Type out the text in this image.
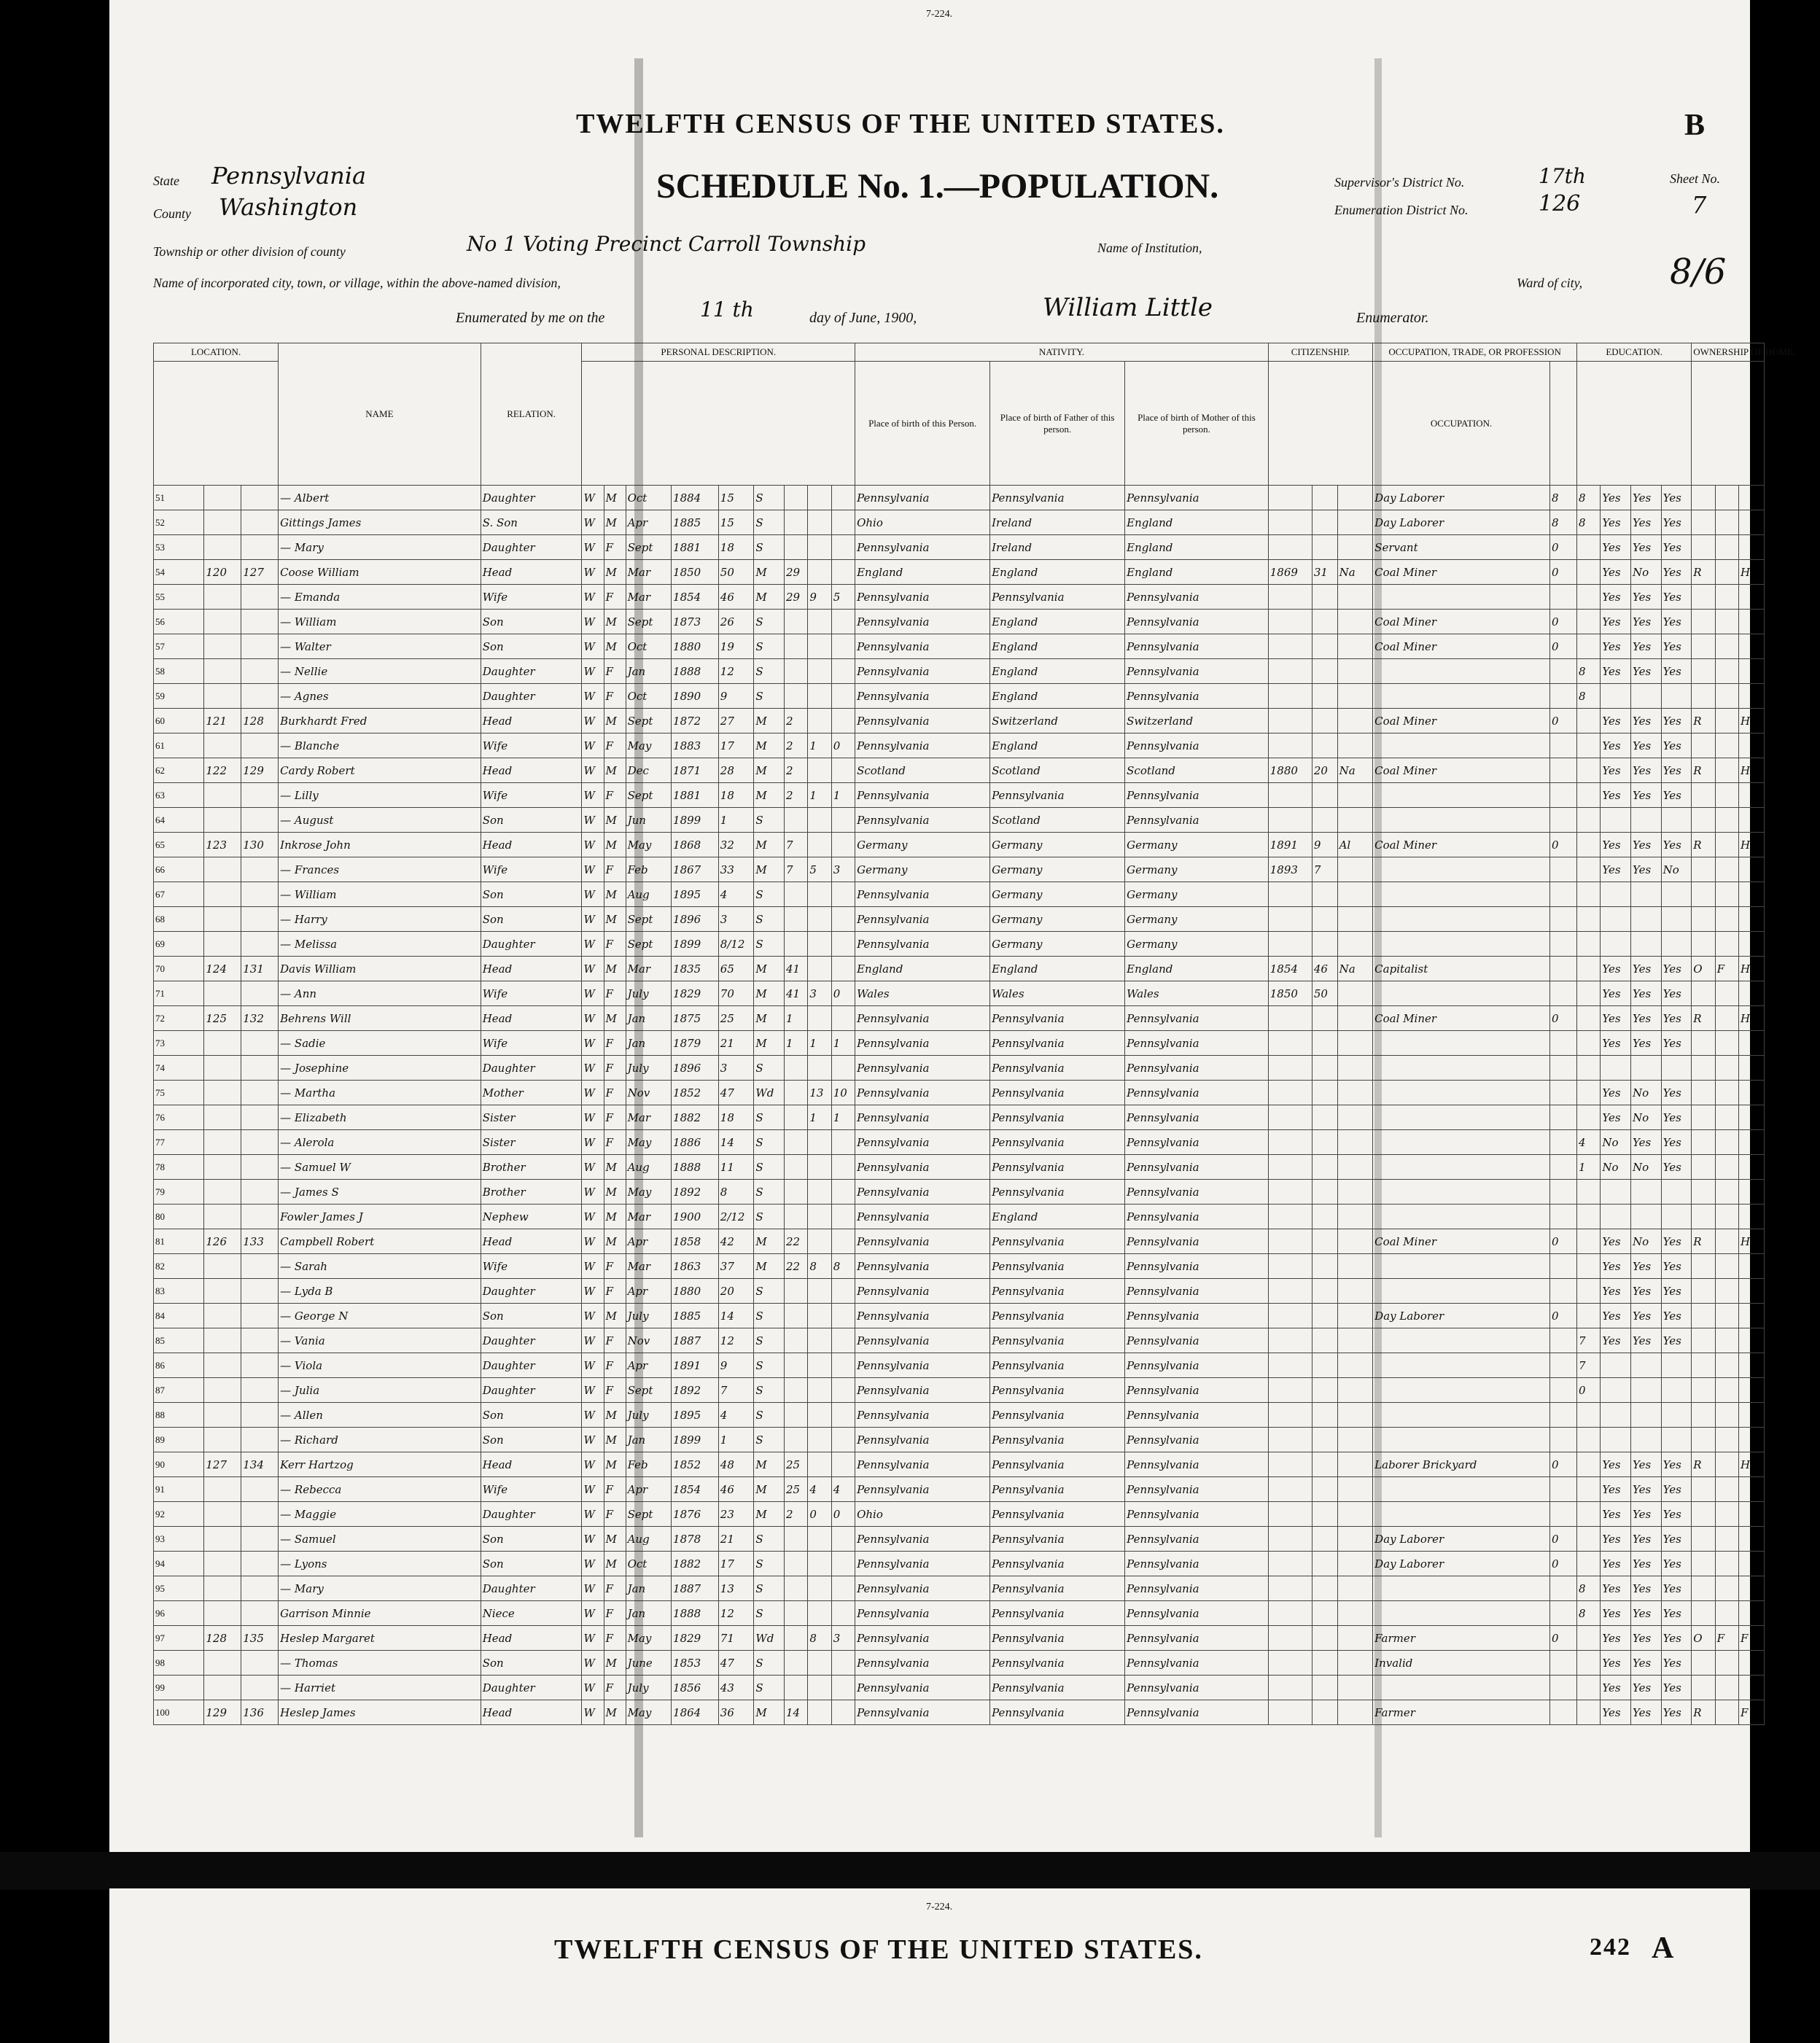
7-224.
TWELFTH CENSUS OF THE UNITED STATES.	B
SCHEDULE No. 1.—POPULATION.
State Pennsylvania
County Washington
Supervisor's District No.	17th
Enumeration District No.	126
Sheet No.
7
Township or other division of county	No 1 Voting Precinct Carroll Township	Name of Institution,
Name of incorporated city, town, or village, within the above-named division,	Ward of city, 8/6
Enumerated by me on the	11 th	day of June, 1900,	William Little	Enumerator.
LOCATION.			NAME	RELATION.	PERSONAL DESCRIPTION.									NATIVITY.			CITIZENSHIP.			OCCUPATION, TRADE, OR PROFESSION		EDUCATION.				OWNERSHIP OF HOME.		
														Place of birth of this Person.	Place of birth of Father of this person.	Place of birth of Mother of this person.				OCCUPATION.								
51			— Albert	Daughter	W	M	Oct	1884	15	S				Pennsylvania	Pennsylvania	Pennsylvania				Day Laborer	8	8	Yes	Yes	Yes			
52			Gittings James	S. Son	W	M	Apr	1885	15	S				Ohio	Ireland	England				Day Laborer	8	8	Yes	Yes	Yes			
53			— Mary	Daughter	W	F	Sept	1881	18	S				Pennsylvania	Ireland	England				Servant	0		Yes	Yes	Yes			
54	120	127	Coose William	Head	W	M	Mar	1850	50	M	29			England	England	England	1869	31	Na	Coal Miner	0		Yes	No	Yes	R		H
55			— Emanda	Wife	W	F	Mar	1854	46	M	29	9	5	Pennsylvania	Pennsylvania	Pennsylvania							Yes	Yes	Yes			
56			— William	Son	W	M	Sept	1873	26	S				Pennsylvania	England	Pennsylvania				Coal Miner	0		Yes	Yes	Yes			
57			— Walter	Son	W	M	Oct	1880	19	S				Pennsylvania	England	Pennsylvania				Coal Miner	0		Yes	Yes	Yes			
58			— Nellie	Daughter	W	F	Jan	1888	12	S				Pennsylvania	England	Pennsylvania						8	Yes	Yes	Yes			
59			— Agnes	Daughter	W	F	Oct	1890	9	S				Pennsylvania	England	Pennsylvania						8						
60	121	128	Burkhardt Fred	Head	W	M	Sept	1872	27	M	2			Pennsylvania	Switzerland	Switzerland				Coal Miner	0		Yes	Yes	Yes	R		H
61			— Blanche	Wife	W	F	May	1883	17	M	2	1	0	Pennsylvania	England	Pennsylvania							Yes	Yes	Yes			
62	122	129	Cardy Robert	Head	W	M	Dec	1871	28	M	2			Scotland	Scotland	Scotland	1880	20	Na	Coal Miner			Yes	Yes	Yes	R		H
63			— Lilly	Wife	W	F	Sept	1881	18	M	2	1	1	Pennsylvania	Pennsylvania	Pennsylvania							Yes	Yes	Yes			
64			— August	Son	W	M	Jun	1899	1	S				Pennsylvania	Scotland	Pennsylvania												
65	123	130	Inkrose John	Head	W	M	May	1868	32	M	7			Germany	Germany	Germany	1891	9	Al	Coal Miner	0		Yes	Yes	Yes	R		H
66			— Frances	Wife	W	F	Feb	1867	33	M	7	5	3	Germany	Germany	Germany	1893	7					Yes	Yes	No			
67			— William	Son	W	M	Aug	1895	4	S				Pennsylvania	Germany	Germany												
68			— Harry	Son	W	M	Sept	1896	3	S				Pennsylvania	Germany	Germany												
69			— Melissa	Daughter	W	F	Sept	1899	8/12	S				Pennsylvania	Germany	Germany												
70	124	131	Davis William	Head	W	M	Mar	1835	65	M	41			England	England	England	1854	46	Na	Capitalist			Yes	Yes	Yes	O	F	H
71			— Ann	Wife	W	F	July	1829	70	M	41	3	0	Wales	Wales	Wales	1850	50					Yes	Yes	Yes			
72	125	132	Behrens Will	Head	W	M	Jan	1875	25	M	1			Pennsylvania	Pennsylvania	Pennsylvania				Coal Miner	0		Yes	Yes	Yes	R		H
73			— Sadie	Wife	W	F	Jan	1879	21	M	1	1	1	Pennsylvania	Pennsylvania	Pennsylvania							Yes	Yes	Yes			
74			— Josephine	Daughter	W	F	July	1896	3	S				Pennsylvania	Pennsylvania	Pennsylvania												
75			— Martha	Mother	W	F	Nov	1852	47	Wd		13	10	Pennsylvania	Pennsylvania	Pennsylvania							Yes	No	Yes			
76			— Elizabeth	Sister	W	F	Mar	1882	18	S		1	1	Pennsylvania	Pennsylvania	Pennsylvania							Yes	No	Yes			
77			— Alerola	Sister	W	F	May	1886	14	S				Pennsylvania	Pennsylvania	Pennsylvania						4	No	Yes	Yes			
78			— Samuel W	Brother	W	M	Aug	1888	11	S				Pennsylvania	Pennsylvania	Pennsylvania						1	No	No	Yes			
79			— James S	Brother	W	M	May	1892	8	S				Pennsylvania	Pennsylvania	Pennsylvania												
80			Fowler James J	Nephew	W	M	Mar	1900	2/12	S				Pennsylvania	England	Pennsylvania												
81	126	133	Campbell Robert	Head	W	M	Apr	1858	42	M	22			Pennsylvania	Pennsylvania	Pennsylvania				Coal Miner	0		Yes	No	Yes	R		H
82			— Sarah	Wife	W	F	Mar	1863	37	M	22	8	8	Pennsylvania	Pennsylvania	Pennsylvania							Yes	Yes	Yes			
83			— Lyda B	Daughter	W	F	Apr	1880	20	S				Pennsylvania	Pennsylvania	Pennsylvania							Yes	Yes	Yes			
84			— George N	Son	W	M	July	1885	14	S				Pennsylvania	Pennsylvania	Pennsylvania				Day Laborer	0		Yes	Yes	Yes			
85			— Vania	Daughter	W	F	Nov	1887	12	S				Pennsylvania	Pennsylvania	Pennsylvania						7	Yes	Yes	Yes			
86			— Viola	Daughter	W	F	Apr	1891	9	S				Pennsylvania	Pennsylvania	Pennsylvania						7						
87			— Julia	Daughter	W	F	Sept	1892	7	S				Pennsylvania	Pennsylvania	Pennsylvania						0						
88			— Allen	Son	W	M	July	1895	4	S				Pennsylvania	Pennsylvania	Pennsylvania												
89			— Richard	Son	W	M	Jan	1899	1	S				Pennsylvania	Pennsylvania	Pennsylvania												
90	127	134	Kerr Hartzog	Head	W	M	Feb	1852	48	M	25			Pennsylvania	Pennsylvania	Pennsylvania				Laborer Brickyard	0		Yes	Yes	Yes	R		H
91			— Rebecca	Wife	W	F	Apr	1854	46	M	25	4	4	Pennsylvania	Pennsylvania	Pennsylvania							Yes	Yes	Yes			
92			— Maggie	Daughter	W	F	Sept	1876	23	M	2	0	0	Ohio	Pennsylvania	Pennsylvania							Yes	Yes	Yes			
93			— Samuel	Son	W	M	Aug	1878	21	S				Pennsylvania	Pennsylvania	Pennsylvania				Day Laborer	0		Yes	Yes	Yes			
94			— Lyons	Son	W	M	Oct	1882	17	S				Pennsylvania	Pennsylvania	Pennsylvania				Day Laborer	0		Yes	Yes	Yes			
95			— Mary	Daughter	W	F	Jan	1887	13	S				Pennsylvania	Pennsylvania	Pennsylvania						8	Yes	Yes	Yes			
96			Garrison Minnie	Niece	W	F	Jan	1888	12	S				Pennsylvania	Pennsylvania	Pennsylvania						8	Yes	Yes	Yes			
97	128	135	Heslep Margaret	Head	W	F	May	1829	71	Wd		8	3	Pennsylvania	Pennsylvania	Pennsylvania				Farmer	0		Yes	Yes	Yes	O	F	F
98			— Thomas	Son	W	M	June	1853	47	S				Pennsylvania	Pennsylvania	Pennsylvania				Invalid			Yes	Yes	Yes			
99			— Harriet	Daughter	W	F	July	1856	43	S				Pennsylvania	Pennsylvania	Pennsylvania							Yes	Yes	Yes			
100	129	136	Heslep James	Head	W	M	May	1864	36	M	14			Pennsylvania	Pennsylvania	Pennsylvania				Farmer			Yes	Yes	Yes	R		F
7-224.
TWELFTH CENSUS OF THE UNITED STATES.	242 A
